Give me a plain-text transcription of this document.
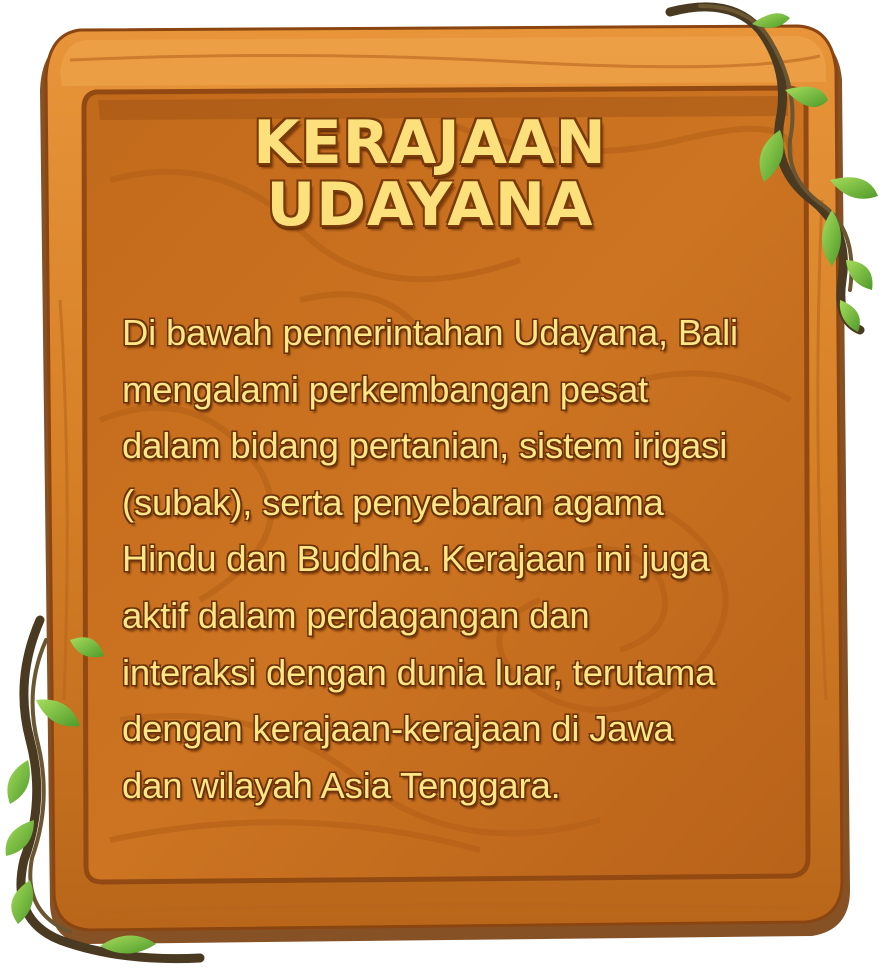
KERAJAAN
UDAYANA
Di bawah pemerintahan Udayana, Bali
mengalami perkembangan pesat
dalam bidang pertanian, sistem irigasi
(subak), serta penyebaran agama
Hindu dan Buddha. Kerajaan ini juga
aktif dalam perdagangan dan
interaksi dengan dunia luar, terutama
dengan kerajaan-kerajaan di Jawa
dan wilayah Asia Tenggara.
